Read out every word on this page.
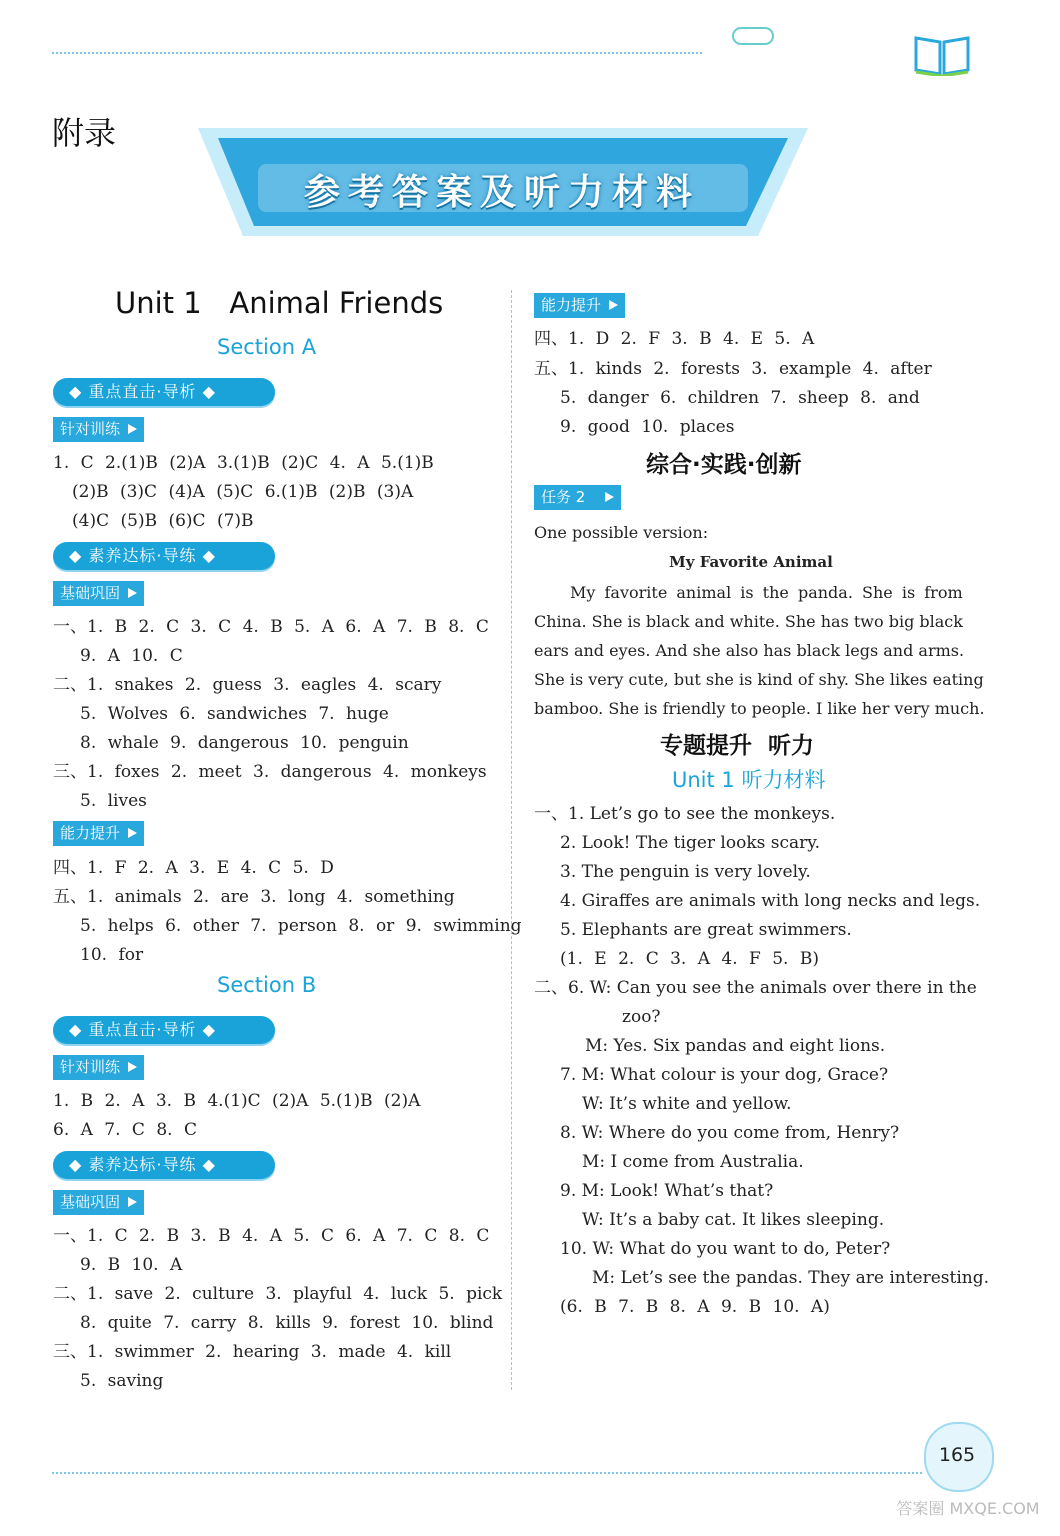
附录
参考答案及听力材料
Unit 1   Animal Friends
Section A
◆ 重点直击·导析 ◆
针对训练
1. C 2.(1)B (2)A 3.(1)B (2)C 4. A 5.(1)B
(2)B (3)C (4)A (5)C 6.(1)B (2)B (3)A
(4)C (5)B (6)C (7)B
◆ 素养达标·导练 ◆
基础巩固
一、1. B 2. C 3. C 4. B 5. A 6. A 7. B 8. C
9. A 10. C
二、1. snakes 2. guess 3. eagles 4. scary
5. Wolves 6. sandwiches 7. huge
8. whale 9. dangerous 10. penguin
三、1. foxes 2. meet 3. dangerous 4. monkeys
5. lives
能力提升
四、1. F 2. A 3. E 4. C 5. D
五、1. animals 2. are 3. long 4. something
5. helps 6. other 7. person 8. or 9. swimming
10. for
Section B
◆ 重点直击·导析 ◆
针对训练
1. B 2. A 3. B 4.(1)C (2)A 5.(1)B (2)A
6. A 7. C 8. C
◆ 素养达标·导练 ◆
基础巩固
一、1. C 2. B 3. B 4. A 5. C 6. A 7. C 8. C
9. B 10. A
二、1. save 2. culture 3. playful 4. luck 5. pick
8. quite 7. carry 8. kills 9. forest 10. blind
三、1. swimmer 2. hearing 3. made 4. kill
5. saving
能力提升
四、1. D 2. F 3. B 4. E 5. A
五、1. kinds 2. forests 3. example 4. after
5. danger 6. children 7. sheep 8. and
9. good 10. places
综合·实践·创新
任务 2
One possible version:
My Favorite Animal
My favorite animal is the panda. She is from
China. She is black and white. She has two big black
ears and eyes. And she also has black legs and arms.
She is very cute, but she is kind of shy. She likes eating
bamboo. She is friendly to people. I like her very much.
专题提升  听力
Unit 1 听力材料
一、1. Let’s go to see the monkeys.
2. Look! The tiger looks scary.
3. The penguin is very lovely.
4. Giraffes are animals with long necks and legs.
5. Elephants are great swimmers.
(1. E 2. C 3. A 4. F 5. B)
二、6. W: Can you see the animals over there in the
zoo?
M: Yes. Six pandas and eight lions.
7. M: What colour is your dog, Grace?
W: It’s white and yellow.
8. W: Where do you come from, Henry?
M: I come from Australia.
9. M: Look! What’s that?
W: It’s a baby cat. It likes sleeping.
10. W: What do you want to do, Peter?
M: Let’s see the pandas. They are interesting.
(6. B 7. B 8. A 9. B 10. A)
165
答案圈 MXQE.COM
